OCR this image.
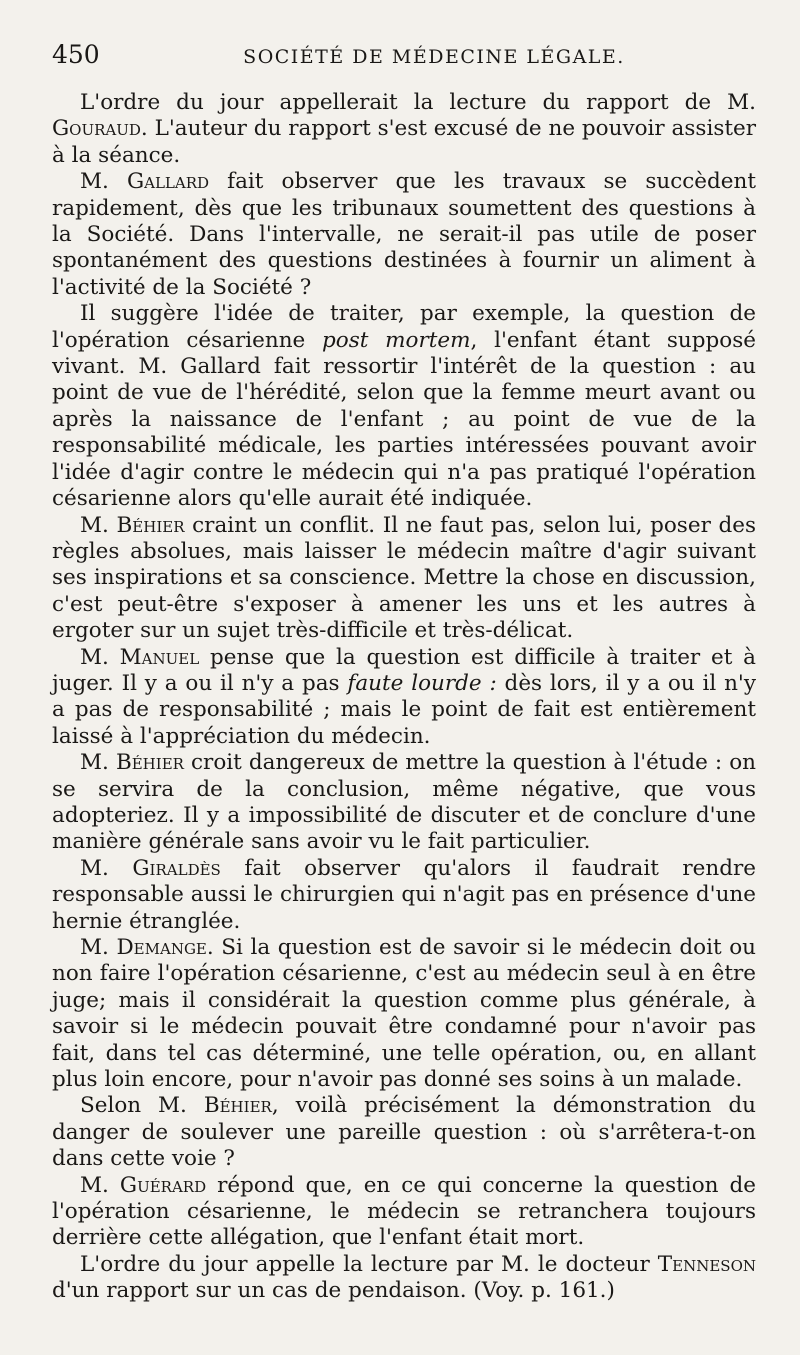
450	SOCIÉTÉ DE MÉDECINE LÉGALE.

L'ordre du jour appellerait la lecture du rapport de M. Gouraud. L'auteur du rapport s'est excusé de ne pouvoir assister à la séance.

M. Gallard fait observer que les travaux se succèdent rapidement, dès que les tribunaux soumettent des questions à la Société. Dans l'intervalle, ne serait-il pas utile de poser spontanément des questions destinées à fournir un aliment à l'activité de la Société ?

Il suggère l'idée de traiter, par exemple, la question de l'opération césarienne post mortem, l'enfant étant supposé vivant. M. Gallard fait ressortir l'intérêt de la question : au point de vue de l'hérédité, selon que la femme meurt avant ou après la naissance de l'enfant ; au point de vue de la responsabilité médicale, les parties intéressées pouvant avoir l'idée d'agir contre le médecin qui n'a pas pratiqué l'opération césarienne alors qu'elle aurait été indiquée.

M. Béhier craint un conflit. Il ne faut pas, selon lui, poser des règles absolues, mais laisser le médecin maître d'agir suivant ses inspirations et sa conscience. Mettre la chose en discussion, c'est peut-être s'exposer à amener les uns et les autres à ergoter sur un sujet très-difficile et très-délicat.

M. Manuel pense que la question est difficile à traiter et à juger. Il y a ou il n'y a pas faute lourde : dès lors, il y a ou il n'y a pas de responsabilité ; mais le point de fait est entièrement laissé à l'appréciation du médecin.

M. Béhier croit dangereux de mettre la question à l'étude : on se servira de la conclusion, même négative, que vous adopteriez. Il y a impossibilité de discuter et de conclure d'une manière générale sans avoir vu le fait particulier.

M. Giraldès fait observer qu'alors il faudrait rendre responsable aussi le chirurgien qui n'agit pas en présence d'une hernie étranglée.

M. Demange. Si la question est de savoir si le médecin doit ou non faire l'opération césarienne, c'est au médecin seul à en être juge; mais il considérait la question comme plus générale, à savoir si le médecin pouvait être condamné pour n'avoir pas fait, dans tel cas déterminé, une telle opération, ou, en allant plus loin encore, pour n'avoir pas donné ses soins à un malade.

Selon M. Béhier, voilà précisément la démonstration du danger de soulever une pareille question : où s'arrêtera-t-on dans cette voie ?

M. Guérard répond que, en ce qui concerne la question de l'opération césarienne, le médecin se retranchera toujours derrière cette allégation, que l'enfant était mort.

L'ordre du jour appelle la lecture par M. le docteur Tenneson d'un rapport sur un cas de pendaison. (Voy. p. 161.)
